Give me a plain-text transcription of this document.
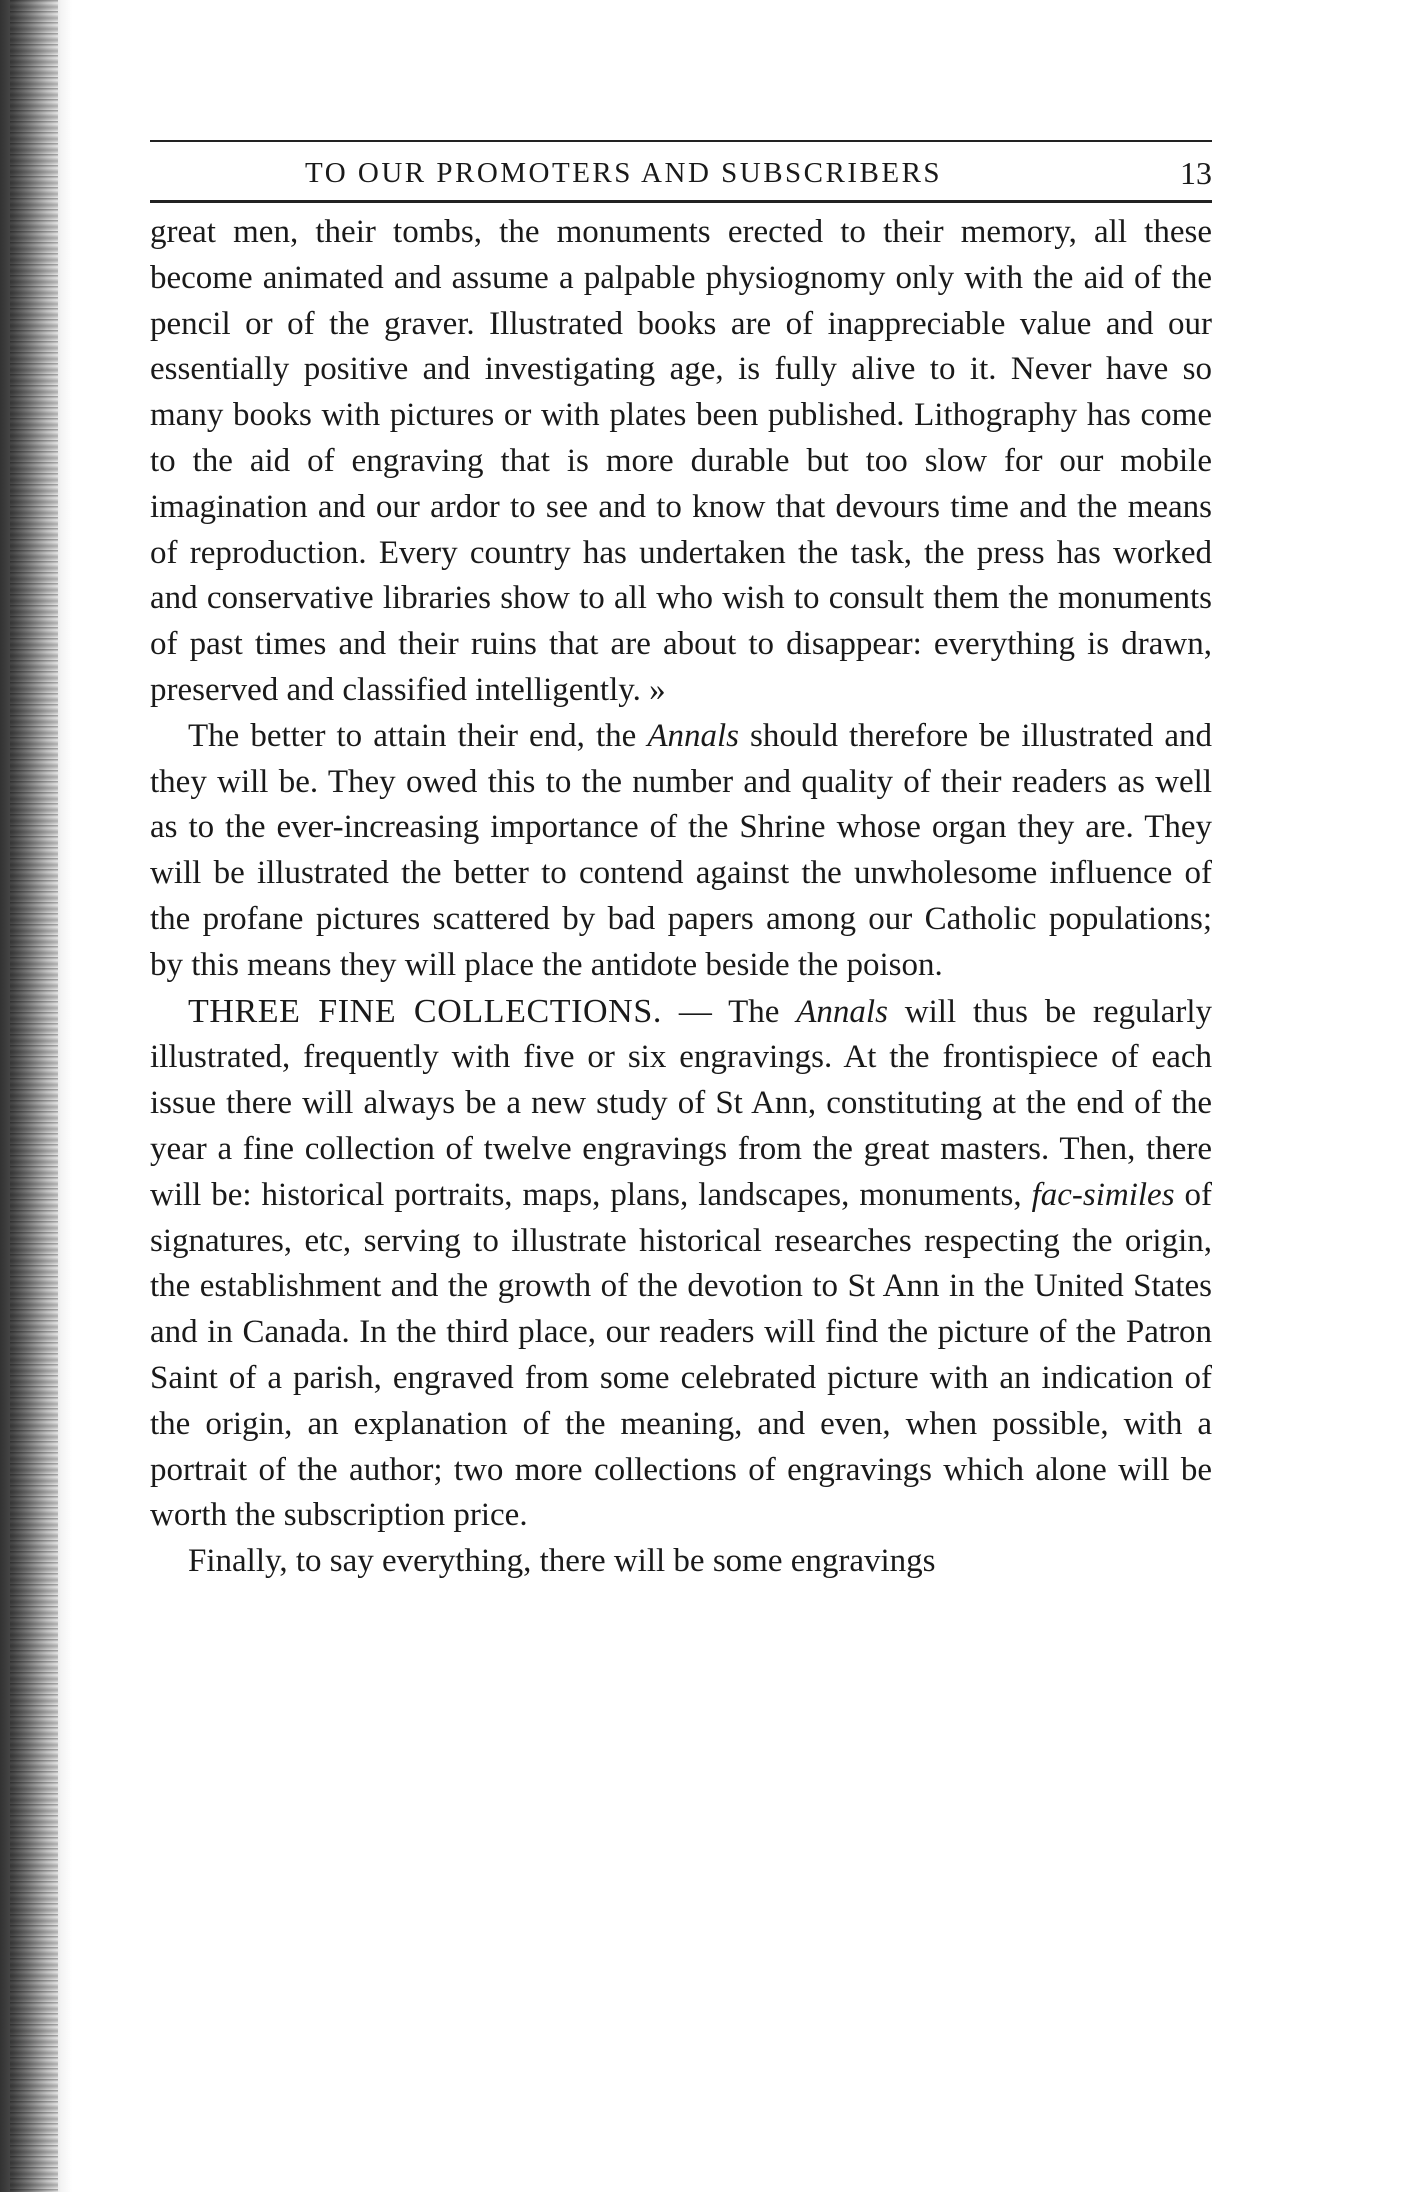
TO OUR PROMOTERS AND SUBSCRIBERS	13

great men, their tombs, the monuments erected to their memory, all these become animated and assume a palpable physiognomy only with the aid of the pencil or of the graver. Illustrated books are of inappreciable value and our essentially positive and investigating age, is fully alive to it. Never have so many books with pictures or with plates been published. Lithography has come to the aid of engraving that is more durable but too slow for our mobile imagination and our ardor to see and to know that devours time and the means of reproduction. Every country has undertaken the task, the press has worked and conservative libraries show to all who wish to consult them the monuments of past times and their ruins that are about to disappear: everything is drawn, preserved and classified intelligently. »

The better to attain their end, the Annals should therefore be illustrated and they will be. They owed this to the number and quality of their readers as well as to the ever-increasing importance of the Shrine whose organ they are. They will be illustrated the better to contend against the unwholesome influence of the profane pictures scattered by bad papers among our Catholic populations; by this means they will place the antidote beside the poison.

THREE FINE COLLECTIONS. — The Annals will thus be regularly illustrated, frequently with five or six engravings. At the frontispiece of each issue there will always be a new study of St Ann, constituting at the end of the year a fine collection of twelve engravings from the great masters. Then, there will be: historical portraits, maps, plans, landscapes, monuments, fac-similes of signatures, etc, serving to illustrate historical researches respecting the origin, the establishment and the growth of the devotion to St Ann in the United States and in Canada. In the third place, our readers will find the picture of the Patron Saint of a parish, engraved from some celebrated picture with an indication of the origin, an explanation of the meaning, and even, when possible, with a portrait of the author; two more collections of engravings which alone will be worth the subscription price.

Finally, to say everything, there will be some engravings
